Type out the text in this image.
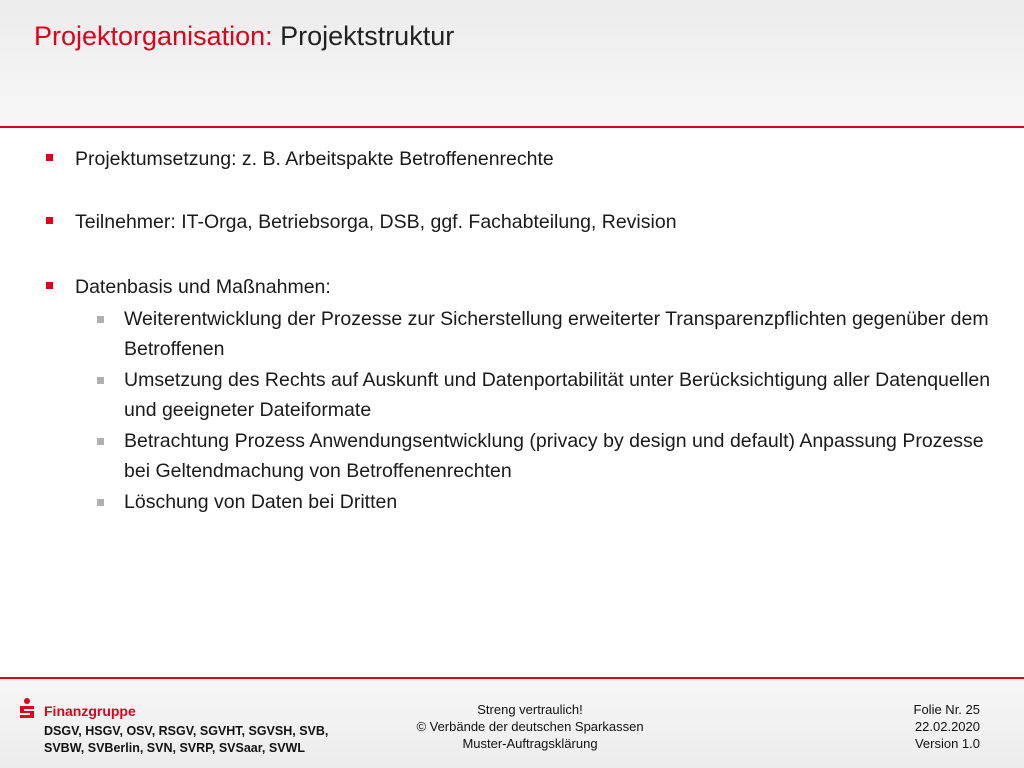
Projektorganisation: Projektstruktur
Projektumsetzung: z. B. Arbeitspakte Betroffenenrechte
Teilnehmer: IT-Orga, Betriebsorga, DSB, ggf. Fachabteilung, Revision
Datenbasis und Maßnahmen:
Weiterentwicklung der Prozesse zur Sicherstellung erweiterter Transparenzpflichten gegenüber dem Betroffenen
Umsetzung des Rechts auf Auskunft und Datenportabilität unter Berücksichtigung aller Datenquellen und geeigneter Dateiformate
Betrachtung Prozess Anwendungsentwicklung (privacy by design und default) Anpassung Prozesse bei Geltendmachung von Betroffenenrechten
Löschung von Daten bei Dritten
Finanzgruppe
DSGV, HSGV, OSV, RSGV, SGVHT, SGVSH, SVB, SVBW, SVBerlin, SVN, SVRP, SVSaar, SVWL
Streng vertraulich!
© Verbände der deutschen Sparkassen
Muster-Auftragsklärung
Folie Nr. 25
22.02.2020
Version 1.0
